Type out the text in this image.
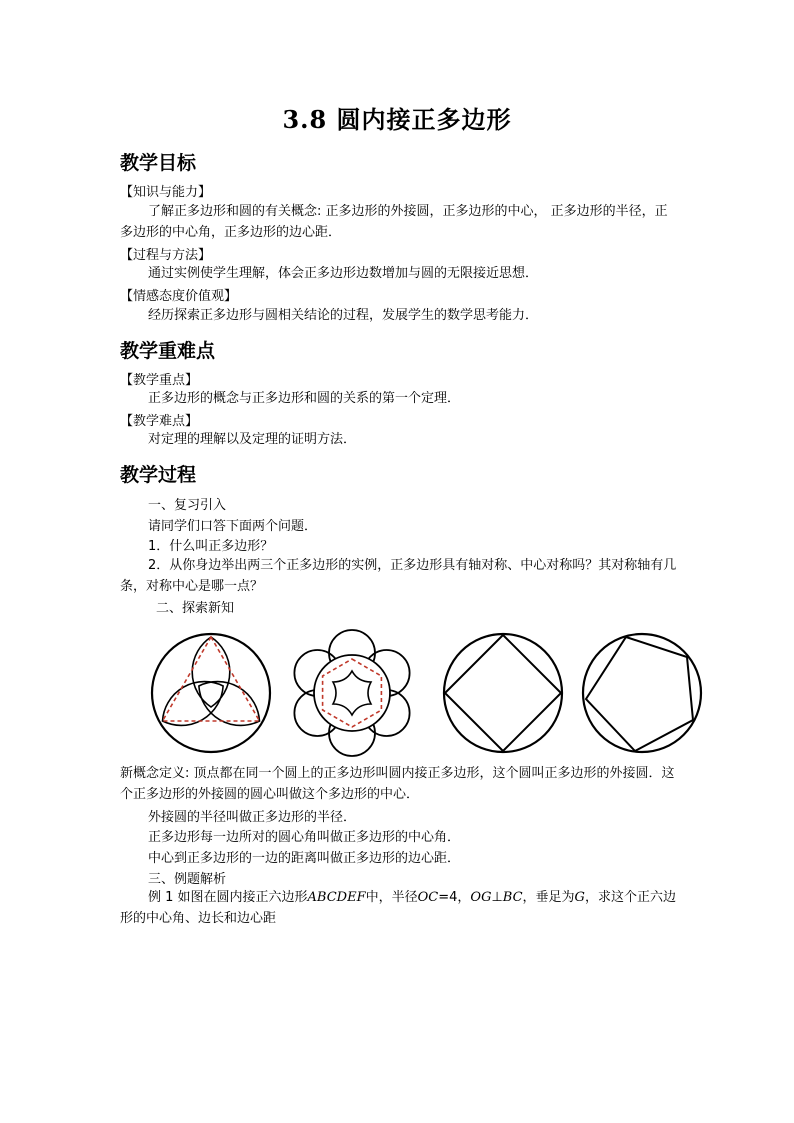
3.8 圆内接正多边形
教学目标
【知识与能力】
了解正多边形和圆的有关概念: 正多边形的外接圆，正多边形的中心， 正多边形的半径，正多边形的中心角，正多边形的边心距．
【过程与方法】
通过实例使学生理解，体会正多边形边数增加与圆的无限接近思想．
【情感态度价值观】
经历探索正多边形与圆相关结论的过程，发展学生的数学思考能力．
教学重难点
【教学重点】
正多边形的概念与正多边形和圆的关系的第一个定理．
【教学难点】
对定理的理解以及定理的证明方法．
教学过程
一、复习引入
请同学们口答下面两个问题．
1．什么叫正多边形？
2．从你身边举出两三个正多边形的实例，正多边形具有轴对称、中心对称吗？其对称轴有几条，对称中心是哪一点？
二、探索新知
新概念定义: 顶点都在同一个圆上的正多边形叫圆内接正多边形，这个圆叫正多边形的外接圆．这个正多边形的外接圆的圆心叫做这个多边形的中心．
外接圆的半径叫做正多边形的半径．
正多边形每一边所对的圆心角叫做正多边形的中心角．
中心到正多边形的一边的距离叫做正多边形的边心距．
三、例题解析
例 1 如图在圆内接正六边形ABCDEF中，半径OC=4，OG⊥BC，垂足为G，求这个正六边形的中心角、边长和边心距
